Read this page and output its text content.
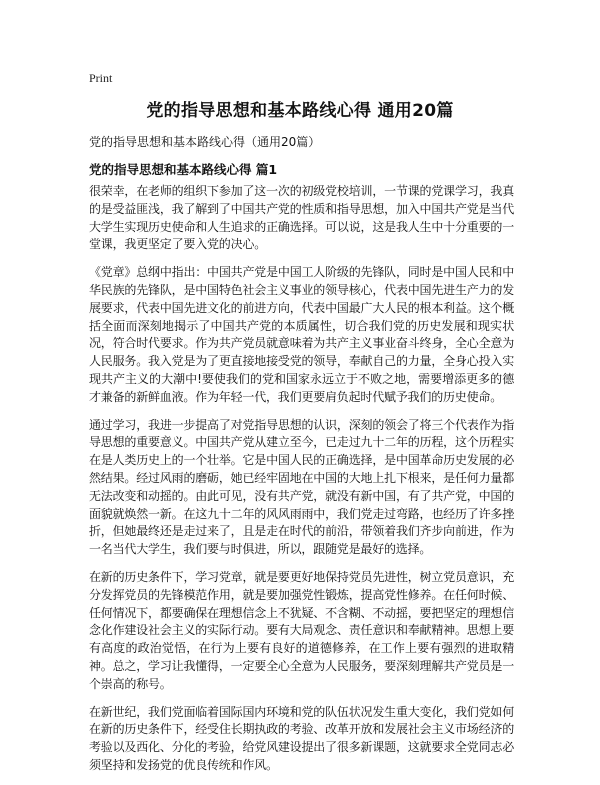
Print
党的指导思想和基本路线心得 通用20篇
党的指导思想和基本路线心得（通用20篇）
党的指导思想和基本路线心得 篇1

很荣幸，在老师的组织下参加了这一次的初级党校培训，一节课的党课学习，我真的是受益匪浅，我了解到了中国共产党的性质和指导思想，加入中国共产党是当代大学生实现历史使命和人生追求的正确选择。可以说，这是我人生中十分重要的一堂课，我更坚定了要入党的决心。

《党章》总纲中指出：中国共产党是中国工人阶级的先锋队，同时是中国人民和中华民族的先锋队，是中国特色社会主义事业的领导核心，代表中国先进生产力的发展要求，代表中国先进文化的前进方向，代表中国最广大人民的根本利益。这个概括全面而深刻地揭示了中国共产党的本质属性，切合我们党的历史发展和现实状况，符合时代要求。作为共产党员就意味着为共产主义事业奋斗终身，全心全意为人民服务。我入党是为了更直接地接受党的领导，奉献自己的力量，全身心投入实现共产主义的大潮中!要使我们的党和国家永远立于不败之地，需要增添更多的德才兼备的新鲜血液。作为年轻一代，我们更要肩负起时代赋予我们的历史使命。

通过学习，我进一步提高了对党指导思想的认识，深刻的领会了将三个代表作为指导思想的重要意义。中国共产党从建立至今，已走过九十二年的历程，这个历程实在是人类历史上的一个壮举。它是中国人民的正确选择，是中国革命历史发展的必然结果。经过风雨的磨砺，她已经牢固地在中国的大地上扎下根来，是任何力量都无法改变和动摇的。由此可见，没有共产党，就没有新中国，有了共产党，中国的面貌就焕然一新。在这九十二年的风风雨雨中，我们党走过弯路，也经历了许多挫折，但她最终还是走过来了，且是走在时代的前沿，带领着我们齐步向前进，作为一名当代大学生，我们要与时俱进，所以，跟随党是最好的选择。

在新的历史条件下，学习党章，就是要更好地保持党员先进性，树立党员意识，充分发挥党员的先锋模范作用，就是要加强党性锻炼，提高党性修养。在任何时候、任何情况下，都要确保在理想信念上不犹疑、不含糊、不动摇，要把坚定的理想信念化作建设社会主义的实际行动。要有大局观念、责任意识和奉献精神。思想上要有高度的政治觉悟，在行为上要有良好的道德修养，在工作上要有强烈的进取精神。总之，学习让我懂得，一定要全心全意为人民服务，要深刻理解共产党员是一个崇高的称号。

在新世纪，我们党面临着国际国内环境和党的队伍状况发生重大变化，我们党如何在新的历史条件下，经受住长期执政的考验、改革开放和发展社会主义市场经济的考验以及西化、分化的考验，给党风建设提出了很多新课题，这就要求全党同志必须坚持和发扬党的优良传统和作风。
